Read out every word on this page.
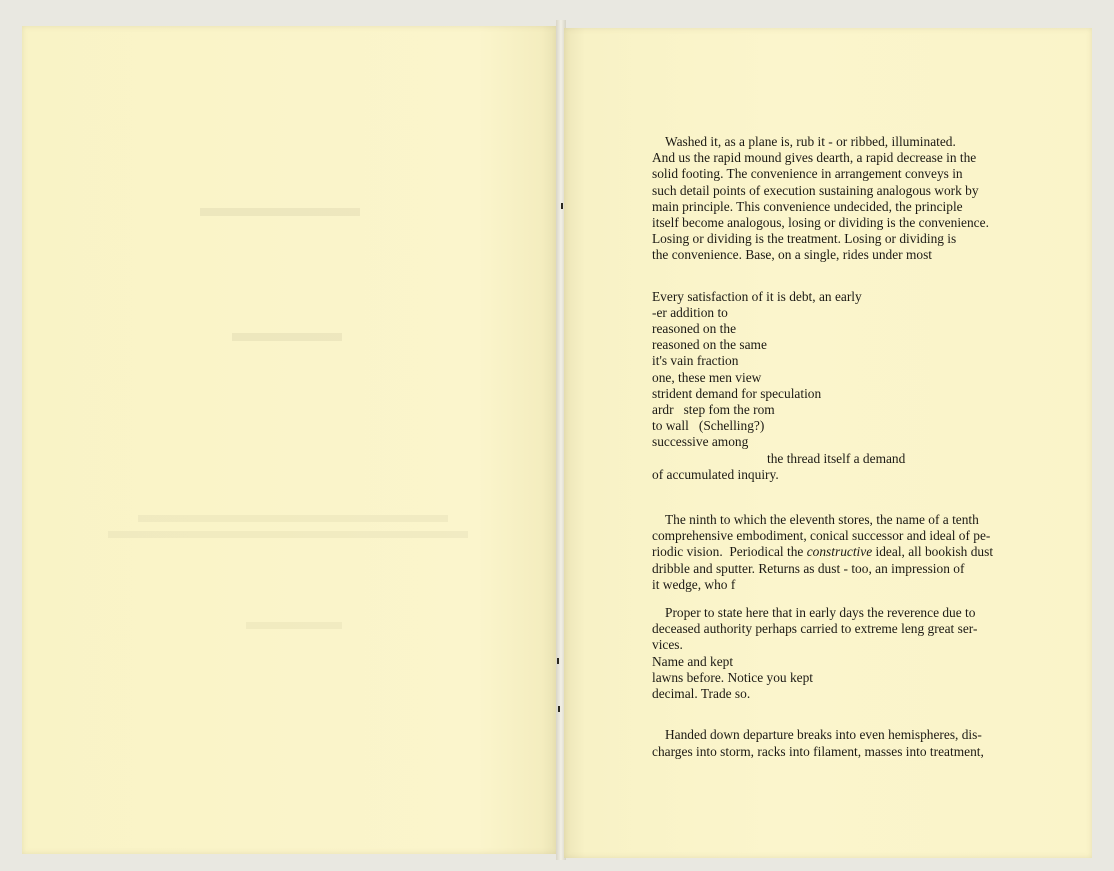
Washed it, as a plane is, rub it - or ribbed, illuminated.
And us the rapid mound gives dearth, a rapid decrease in the
solid footing. The convenience in arrangement conveys in
such detail points of execution sustaining analogous work by
main principle. This convenience undecided, the principle
itself become analogous, losing or dividing is the convenience.
Losing or dividing is the treatment. Losing or dividing is
the convenience. Base, on a single, rides under most
Every satisfaction of it is debt, an early
-er addition to
reasoned on the
reasoned on the same
it's vain fraction
one, these men view
strident demand for speculation
ardr   step fom the rom
to wall   (Schelling?)
successive among
the thread itself a demand
of accumulated inquiry.
The ninth to which the eleventh stores, the name of a tenth
comprehensive embodiment, conical successor and ideal of pe-
riodic vision.  Periodical the constructive ideal, all bookish dust
dribble and sputter. Returns as dust - too, an impression of
it wedge, who f
Proper to state here that in early days the reverence due to
deceased authority perhaps carried to extreme leng great ser-
vices.
Name and kept
lawns before. Notice you kept
decimal. Trade so.
Handed down departure breaks into even hemispheres, dis-
charges into storm, racks into filament, masses into treatment,
